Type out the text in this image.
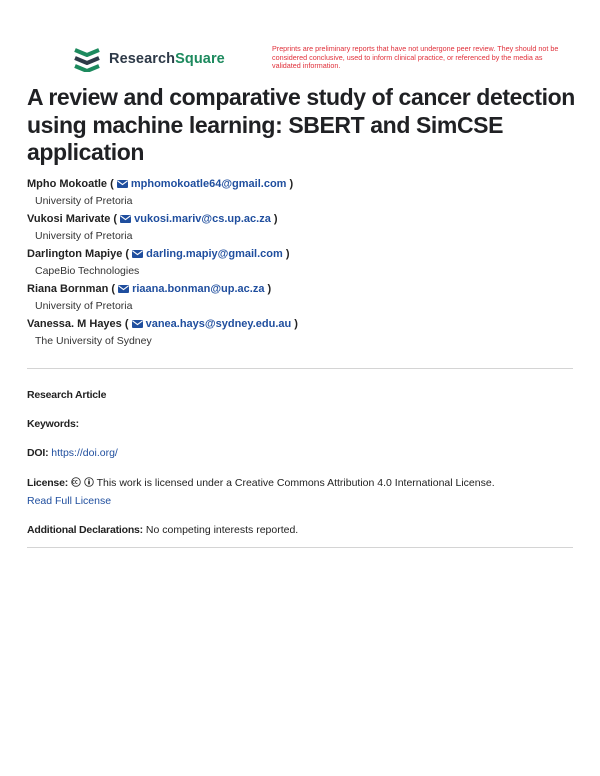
ResearchSquare
Preprints are preliminary reports that have not undergone peer review. They should not be considered conclusive, used to inform clinical practice, or referenced by the media as validated information.
A review and comparative study of cancer detection using machine learning: SBERT and SimCSE application
Mpho Mokoatle ( mphomokoatle64@gmail.com )
University of Pretoria
Vukosi Marivate ( vukosi.mariv@cs.up.ac.za )
University of Pretoria
Darlington Mapiye ( darling.mapiy@gmail.com )
CapeBio Technologies
Riana Bornman ( riaana.bonman@up.ac.za )
University of Pretoria
Vanessa. M Hayes ( vanea.hays@sydney.edu.au )
The University of Sydney
Research Article
Keywords:
DOI: https://doi.org/
License:	This work is licensed under a Creative Commons Attribution 4.0 International License.
Read Full License
Additional Declarations: No competing interests reported.
